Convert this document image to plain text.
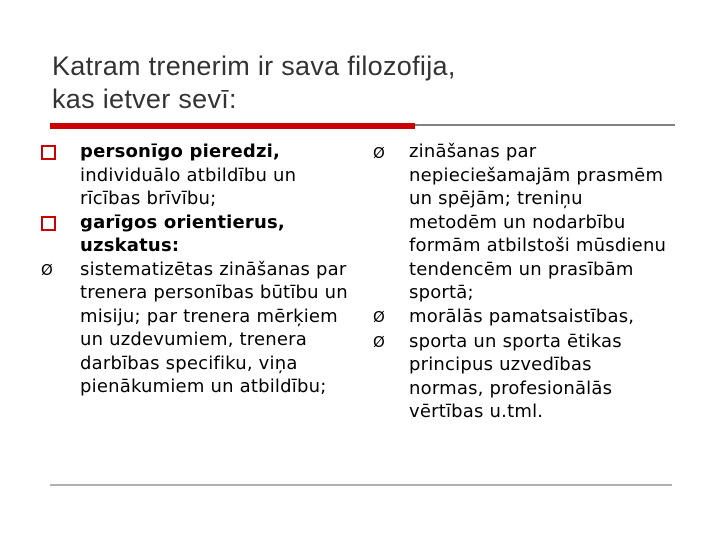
Katram trenerim ir sava filozofija,
kas ietver sevī:
personīgo pieredzi, individuālo atbildību un rīcības brīvību;
garīgos orientierus, uzskatus:
Ø sistematizētas zināšanas par trenera personības būtību un misiju; par trenera mērķiem un uzdevumiem, trenera darbības specifiku, viņa pienākumiem un atbildību;
Ø zināšanas par nepieciešamajām prasmēm un spējām; treniņu metodēm un nodarbību formām atbilstoši mūsdienu tendencēm un prasībām sportā;
Ø morālās pamatsaistības,
Ø sporta un sporta ētikas principus uzvedības normas, profesionālās vērtības u.tml.
